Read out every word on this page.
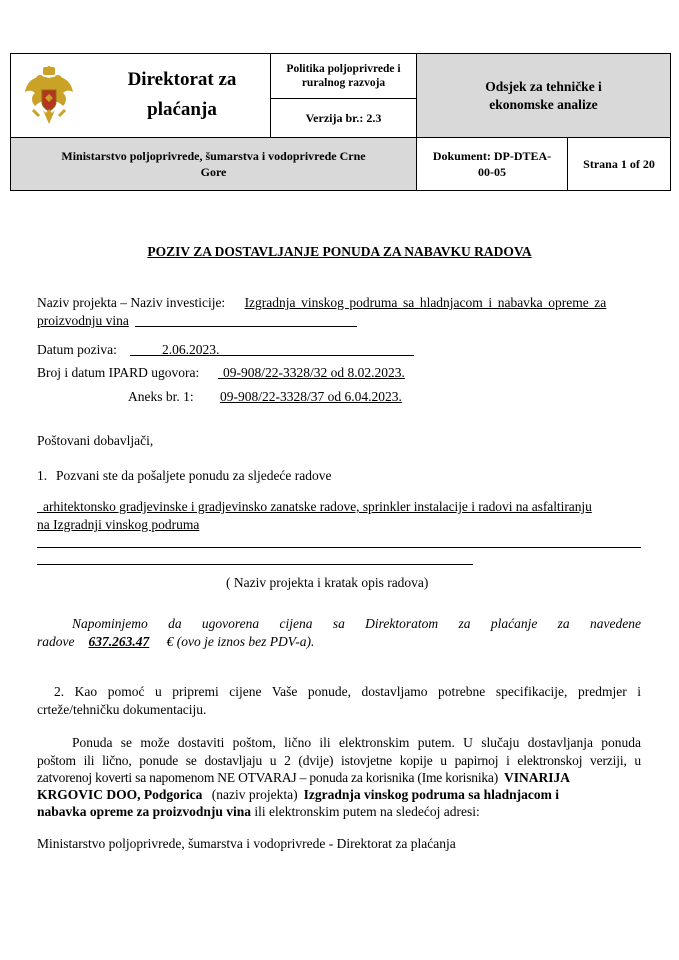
Direktorat za
plaćanja
Politika poljoprivrede i
ruralnog razvoja
Verzija br.: 2.3
Odsjek za tehničke i
ekonomske analize
Ministarstvo poljoprivrede, šumarstva i vodoprivrede Crne
Gore
Dokument: DP-DTEA-
00-05
Strana 1 of 20
POZIV ZA DOSTAVLJANJE PONUDA ZA NABAVKU RADOVA
Naziv projekta – Naziv investicije: Izgradnja vinskog podruma sa hladnjacom i nabavka opreme za
proizvodnju vina
Datum poziva:	2.06.2023.
Broj i datum IPARD ugovora: 09-908/22-3328/32 od 8.02.2023.
Aneks br. 1: 09-908/22-3328/37 od 6.04.2023.
Poštovani dobavljači,
1. Pozvani ste da pošaljete ponudu za sljedeće radove
arhitektonsko gradjevinske i gradjevinsko zanatske radove, sprinkler instalacije i radovi na asfaltiranju
na Izgradnji vinskog podruma
( Naziv projekta i kratak opis radova)
Napominjemo da ugovorena cijena sa Direktoratom za plaćanje za navedene
radove 637.263.47 € (ovo je iznos bez PDV-a).
2. Kao pomoć u pripremi cijene Vaše ponude, dostavljamo potrebne specifikacije, predmjer i
crteže/tehničku dokumentaciju.
Ponuda se može dostaviti poštom, lično ili elektronskim putem. U slučaju dostavljanja ponuda
poštom ili lično, ponude se dostavljaju u 2 (dvije) istovjetne kopije u papirnoj i elektronskoj verziji, u
zatvorenoj koverti sa napomenom NE OTVARAJ – ponuda za korisnika (Ime korisnika) VINARIJA
KRGOVIC DOO, Podgorica (naziv projekta) Izgradnja vinskog podruma sa hladnjacom i
nabavka opreme za proizvodnju vina ili elektronskim putem na sledećoj adresi:
Ministarstvo poljoprivrede, šumarstva i vodoprivrede - Direktorat za plaćanja
